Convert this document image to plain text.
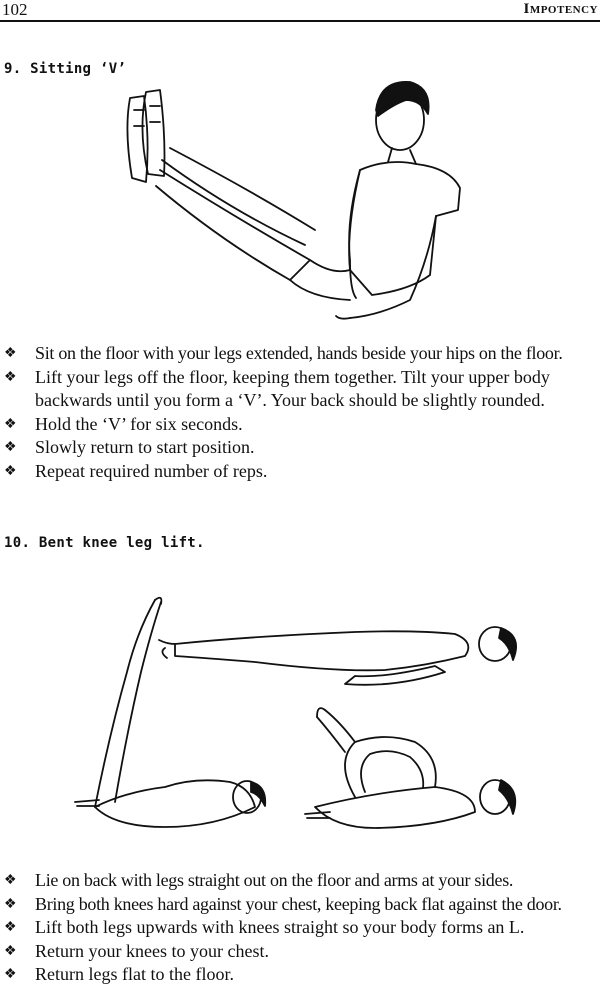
102	Impotency
9. Sitting ‘V’
❖ Sit on the floor with your legs extended, hands beside your hips on the floor.
❖ Lift your legs off the floor, keeping them together. Tilt your upper body backwards until you form a ‘V’. Your back should be slightly rounded.
❖ Hold the ‘V’ for six seconds.
❖ Slowly return to start position.
❖ Repeat required number of reps.
10. Bent knee leg lift.
❖ Lie on back with legs straight out on the floor and arms at your sides.
❖ Bring both knees hard against your chest, keeping back flat against the door.
❖ Lift both legs upwards with knees straight so your body forms an L.
❖ Return your knees to your chest.
❖ Return legs flat to the floor.
